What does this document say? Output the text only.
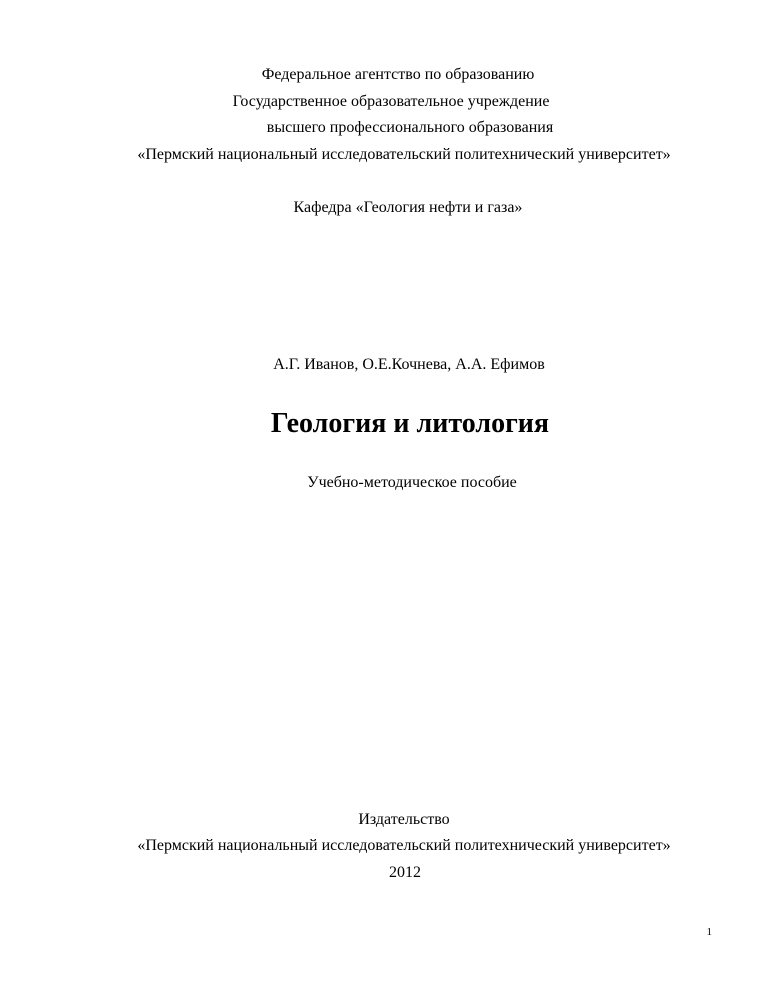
Федеральное агентство по образованию
Государственное образовательное учреждение
высшего профессионального образования
«Пермский национальный исследовательский политехнический университет»
Кафедра «Геология нефти и газа»
А.Г. Иванов, О.Е.Кочнева, А.А. Ефимов
Геология и литология
Учебно-методическое пособие
Издательство
«Пермский национальный исследовательский политехнический университет»
2012
1
